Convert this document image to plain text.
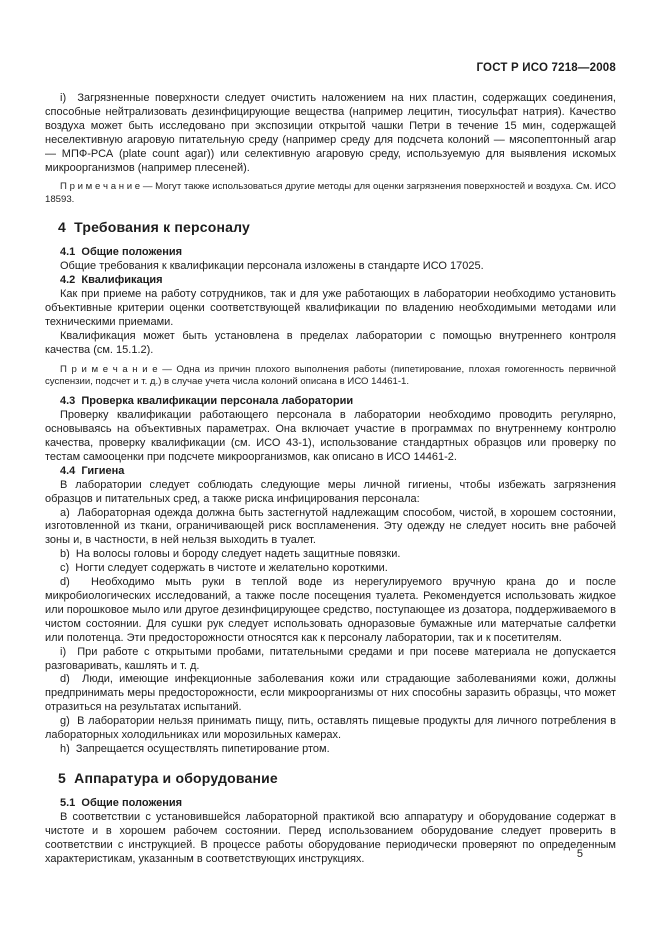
ГОСТ Р ИСО 7218—2008

i)  Загрязненные поверхности следует очистить наложением на них пластин, содержащих соединения, способные нейтрализовать дезинфицирующие вещества (например лецитин, тиосульфат натрия). Качество воздуха может быть исследовано при экспозиции открытой чашки Петри в течение 15 мин, содержащей неселективную агаровую питательную среду (например среду для подсчета колоний — мясопептонный агар — МПФ-РСА (plate count agar)) или селективную агаровую среду, используемую для выявления искомых микроорганизмов (например плесеней).

П р и м е ч а н и е — Могут также использоваться другие методы для оценки загрязнения поверхностей и воздуха. См. ИСО 18593.

4  Требования к персоналу

4.1  Общие положения

Общие требования к квалификации персонала изложены в стандарте ИСО 17025.

4.2  Квалификация

Как при приеме на работу сотрудников, так и для уже работающих в лаборатории необходимо установить объективные критерии оценки соответствующей квалификации по владению необходимыми методами или техническими приемами.

Квалификация может быть установлена в пределах лаборатории с помощью внутреннего контроля качества (см. 15.1.2).

П р и м е ч а н и е — Одна из причин плохого выполнения работы (пипетирование, плохая гомогенность первичной суспензии, подсчет и т. д.) в случае учета числа колоний описана в ИСО 14461-1.

4.3  Проверка квалификации персонала лаборатории

Проверку квалификации работающего персонала в лаборатории необходимо проводить регулярно, основываясь на объективных параметрах. Она включает участие в программах по внутреннему контролю качества, проверку квалификации (см. ИСО 43-1), использование стандартных образцов или проверку по тестам самооценки при подсчете микроорганизмов, как описано в ИСО 14461-2.

4.4  Гигиена

В лаборатории следует соблюдать следующие меры личной гигиены, чтобы избежать загрязнения образцов и питательных сред, а также риска инфицирования персонала:

a)  Лабораторная одежда должна быть застегнутой надлежащим способом, чистой, в хорошем состоянии, изготовленной из ткани, ограничивающей риск воспламенения. Эту одежду не следует носить вне рабочей зоны и, в частности, в ней нельзя выходить в туалет.

b)  На волосы головы и бороду следует надеть защитные повязки.

c)  Ногти следует содержать в чистоте и желательно короткими.

d)  Необходимо мыть руки в теплой воде из нерегулируемого вручную крана до и после микробиологических исследований, а также после посещения туалета. Рекомендуется использовать жидкое или порошковое мыло или другое дезинфицирующее средство, поступающее из дозатора, поддерживаемого в чистом состоянии. Для сушки рук следует использовать одноразовые бумажные или матерчатые салфетки или полотенца. Эти предосторожности относятся как к персоналу лаборатории, так и к посетителям.

i)  При работе с открытыми пробами, питательными средами и при посеве материала не допускается разговаривать, кашлять и т. д.

d)  Люди, имеющие инфекционные заболевания кожи или страдающие заболеваниями кожи, должны предпринимать меры предосторожности, если микроорганизмы от них способны заразить образцы, что может отразиться на результатах испытаний.

g)  В лаборатории нельзя принимать пищу, пить, оставлять пищевые продукты для личного потребления в лабораторных холодильниках или морозильных камерах.

h)  Запрещается осуществлять пипетирование ртом.

5  Аппаратура и оборудование

5.1  Общие положения

В соответствии с установившейся лабораторной практикой всю аппаратуру и оборудование содержат в чистоте и в хорошем рабочем состоянии. Перед использованием оборудование следует проверить в соответствии с инструкцией. В процессе работы оборудование периодически проверяют по определенным характеристикам, указанным в соответствующих инструкциях.	5
